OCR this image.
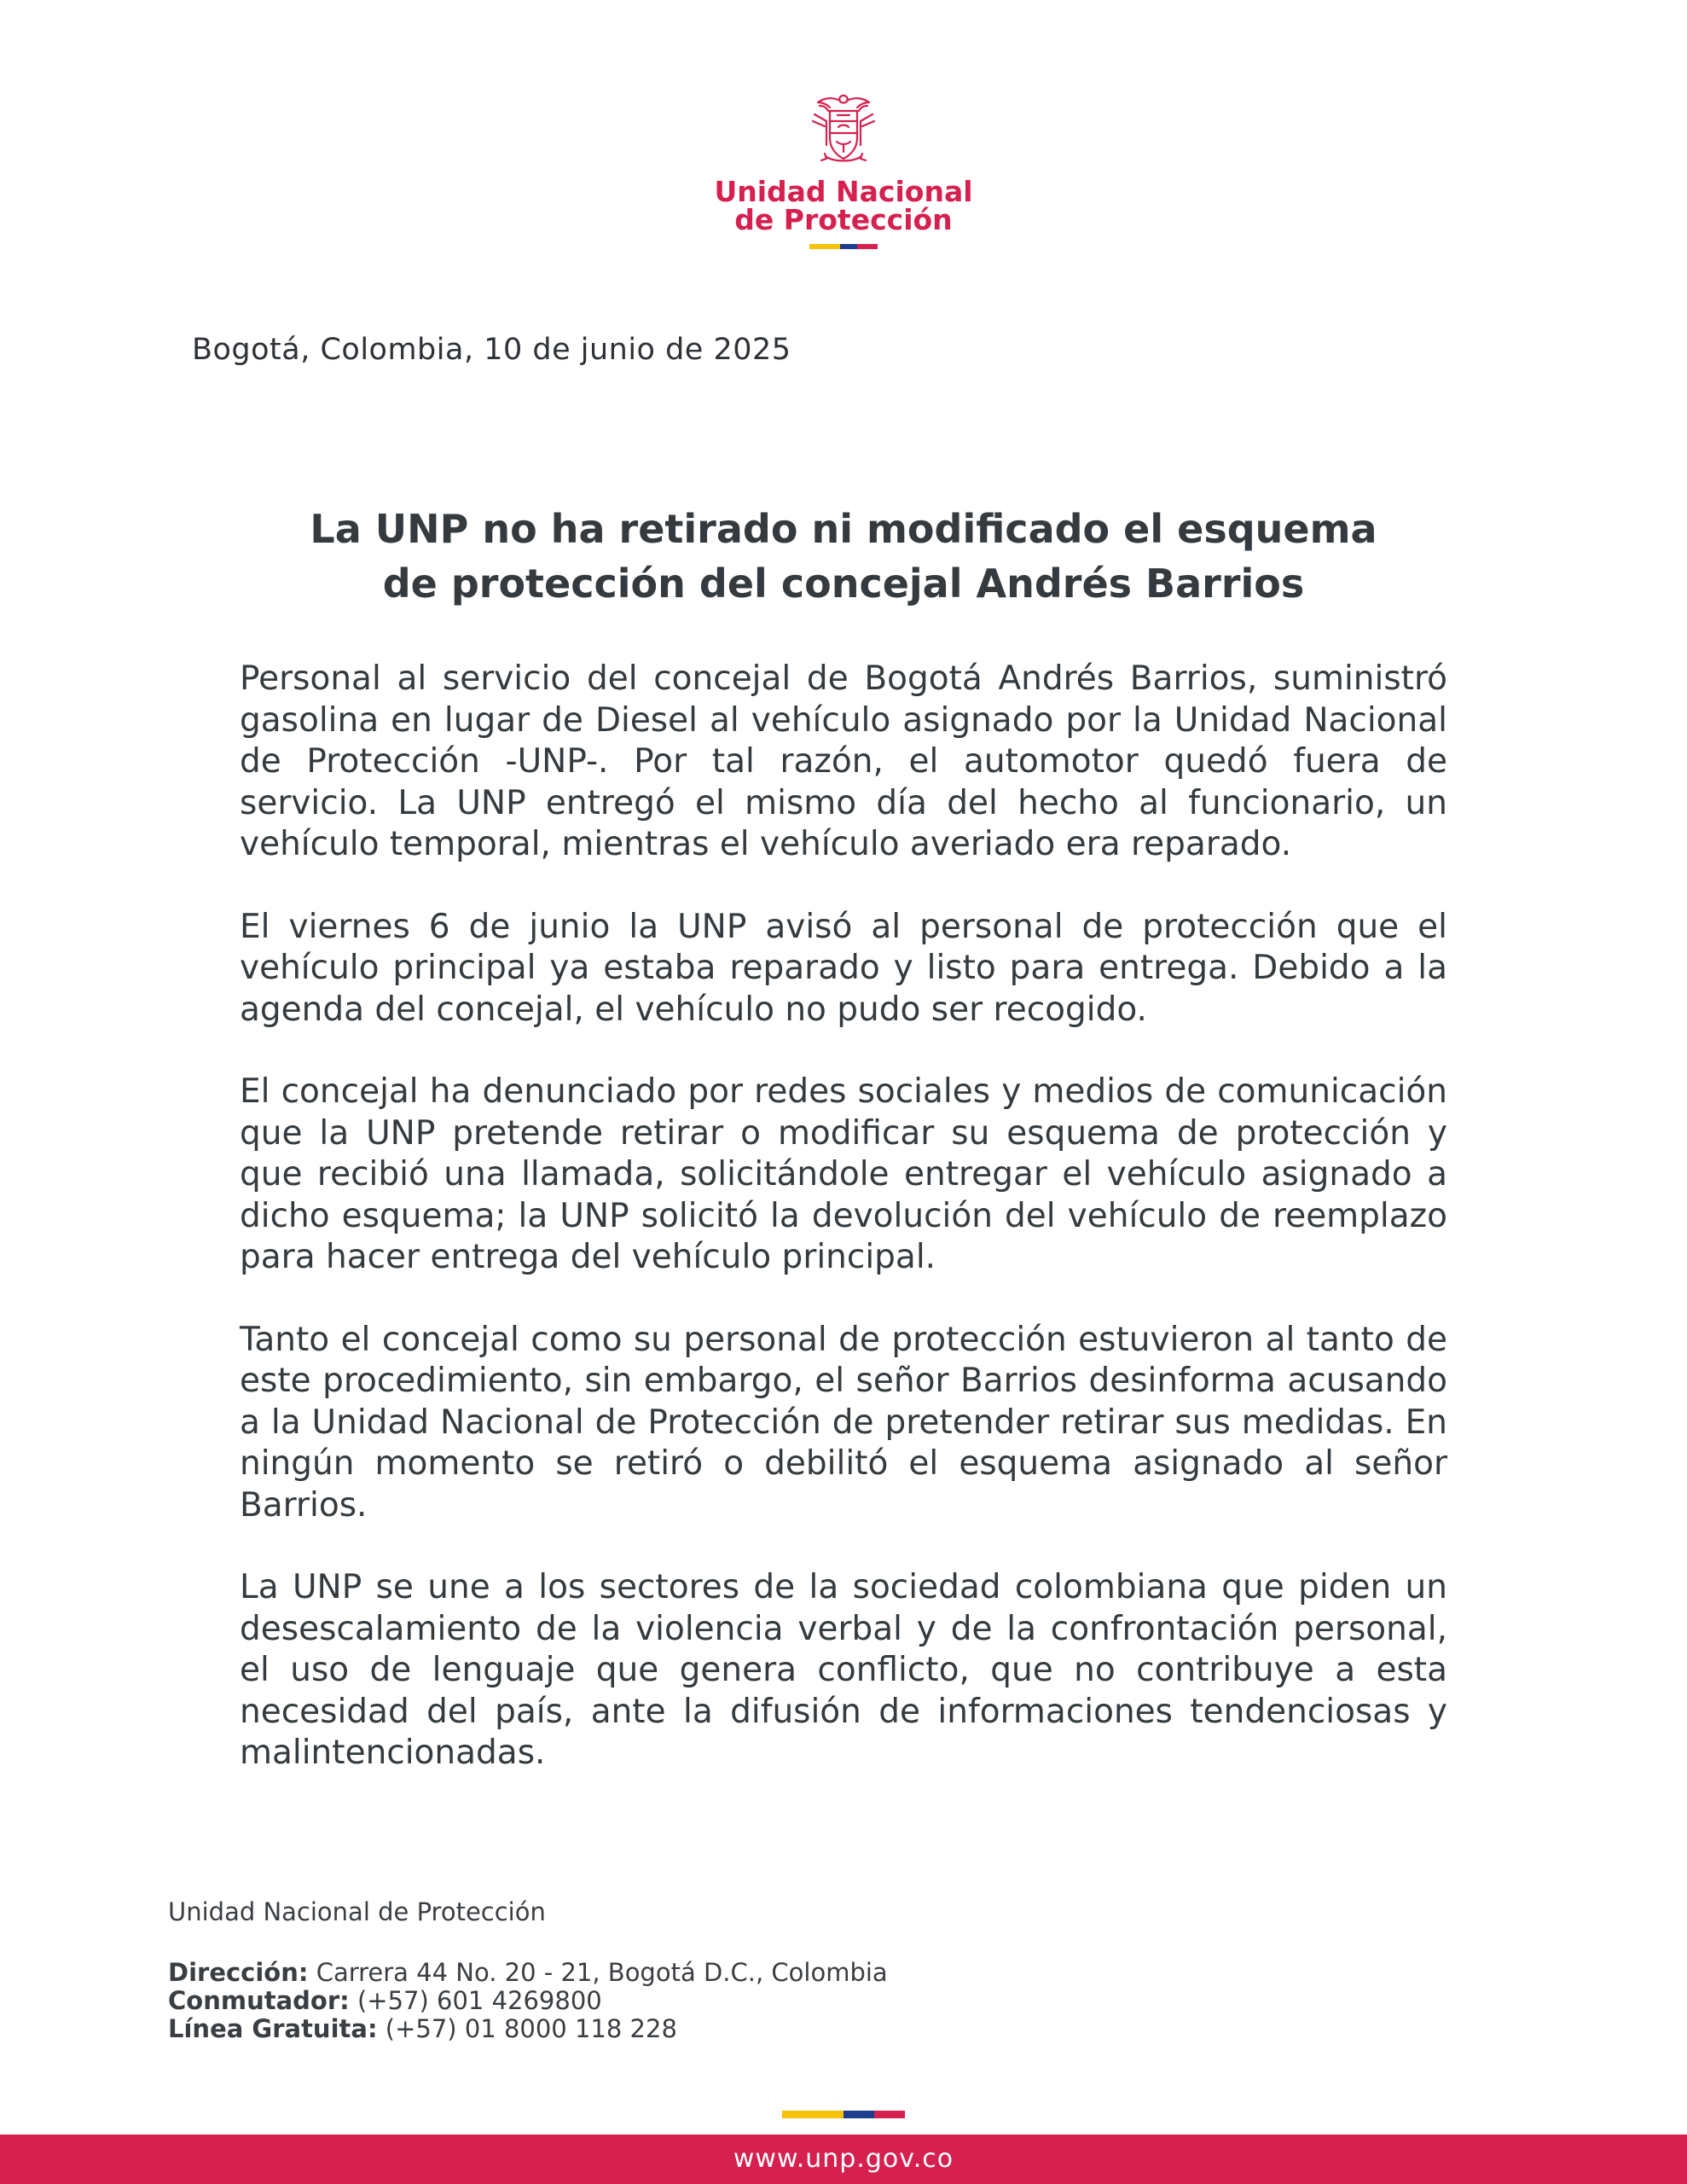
Unidad Nacional
de Protección
Bogotá, Colombia, 10 de junio de 2025
La UNP no ha retirado ni modificado el esquema
de protección del concejal Andrés Barrios

Personal al servicio del concejal de Bogotá Andrés Barrios, suministró gasolina en lugar de Diesel al vehículo asignado por la Unidad Nacional de Protección -UNP-. Por tal razón, el automotor quedó fuera de servicio. La UNP entregó el mismo día del hecho al funcionario, un vehículo temporal, mientras el vehículo averiado era reparado.

El viernes 6 de junio la UNP avisó al personal de protección que el vehículo principal ya estaba reparado y listo para entrega. Debido a la agenda del concejal, el vehículo no pudo ser recogido.

El concejal ha denunciado por redes sociales y medios de comunicación que la UNP pretende retirar o modificar su esquema de protección y que recibió una llamada, solicitándole entregar el vehículo asignado a dicho esquema; la UNP solicitó la devolución del vehículo de reemplazo para hacer entrega del vehículo principal.

Tanto el concejal como su personal de protección estuvieron al tanto de este procedimiento, sin embargo, el señor Barrios desinforma acusando a la Unidad Nacional de Protección de pretender retirar sus medidas. En ningún momento se retiró o debilitó el esquema asignado al señor Barrios.

La UNP se une a los sectores de la sociedad colombiana que piden un desescalamiento de la violencia verbal y de la confrontación personal, el uso de lenguaje que genera conflicto, que no contribuye a esta necesidad del país, ante la difusión de informaciones tendenciosas y malintencionadas.

Unidad Nacional de Protección
Dirección: Carrera 44 No. 20 - 21, Bogotá D.C., Colombia
Conmutador: (+57) 601 4269800
Línea Gratuita: (+57) 01 8000 118 228
www.unp.gov.co
